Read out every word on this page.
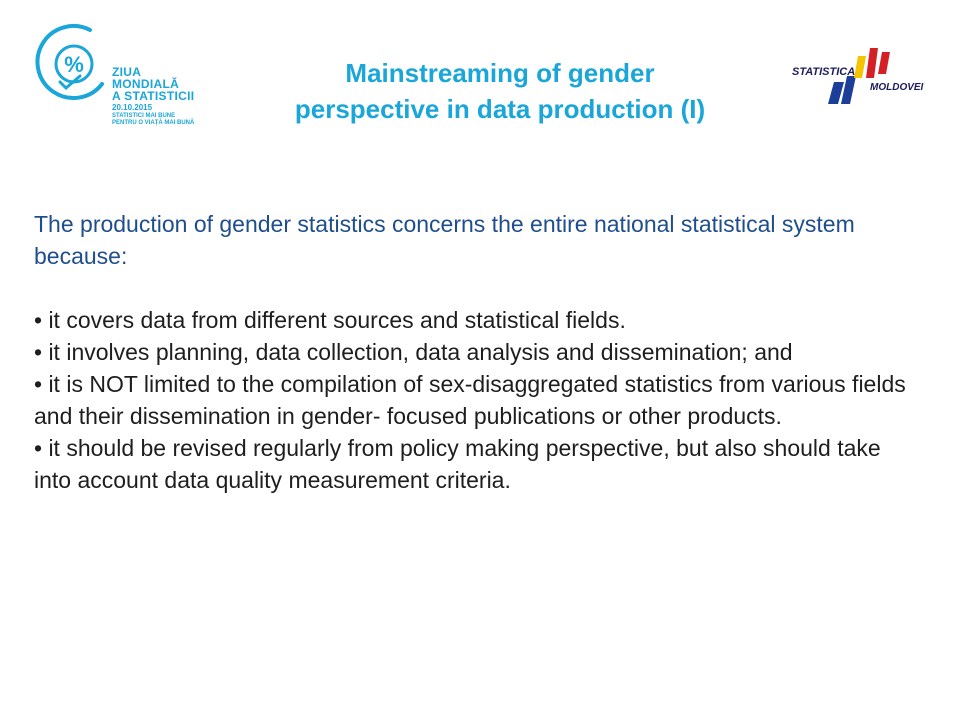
% ZIUA
MONDIALĂ
A STATISTICII
20.10.2015
STATISTICI MAI BUNE
PENTRU O VIAȚĂ MAI BUNĂ
Mainstreaming of gender
perspective in data production (I)
STATISTICA
MOLDOVEI

The production of gender statistics concerns the entire national statistical system because:

• it covers data from different sources and statistical fields.

• it involves planning, data collection, data analysis and dissemination; and

• it is NOT limited to the compilation of sex-disaggregated statistics from various fields and their dissemination in gender- focused publications or other products.

• it should be revised regularly from policy making perspective, but also should take into account data quality measurement criteria.
